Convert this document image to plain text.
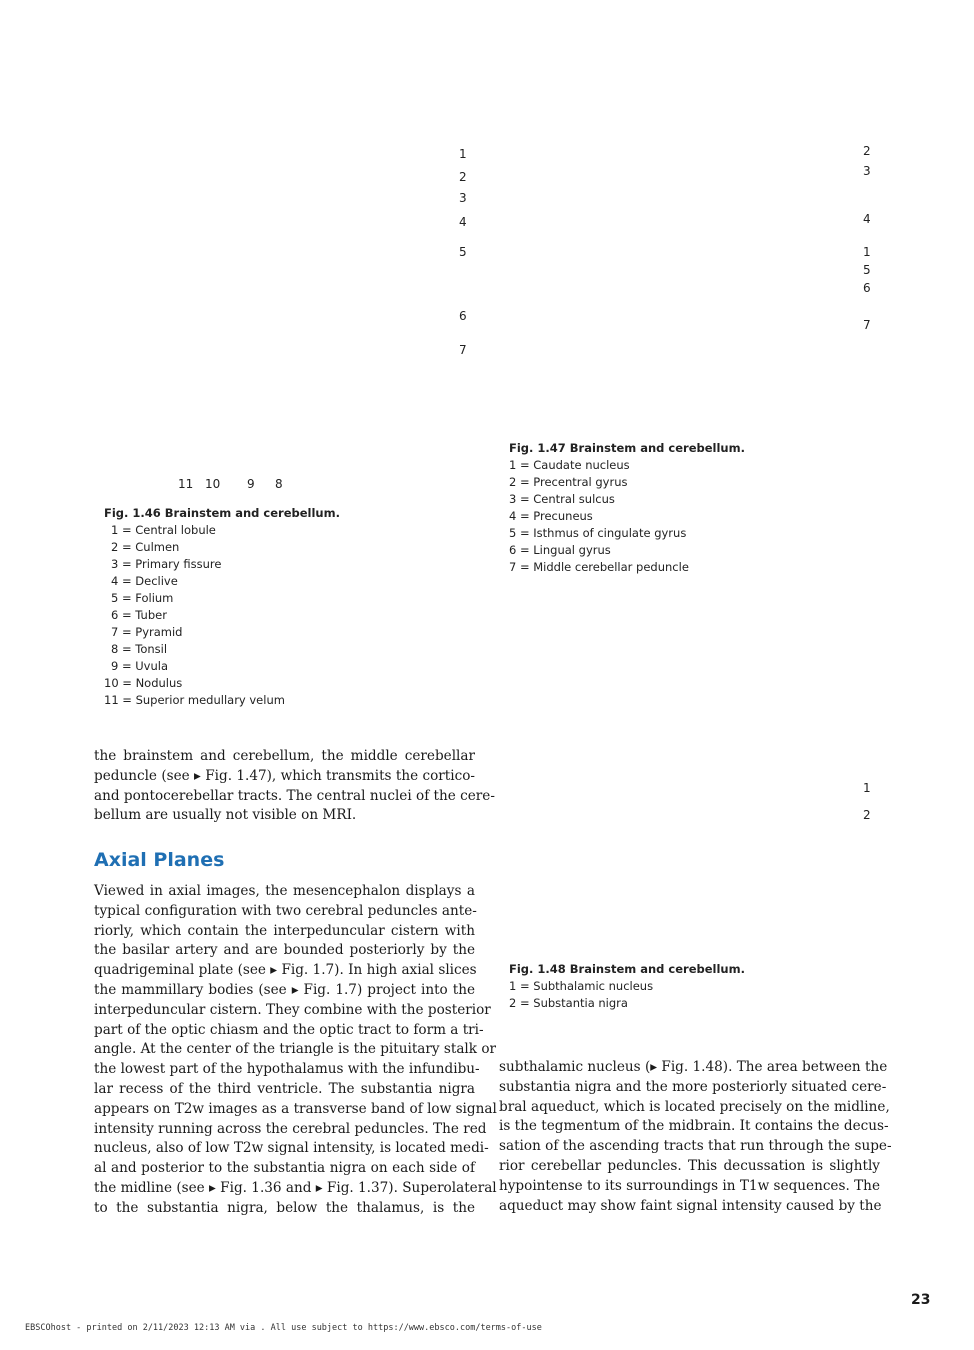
1
2
3
4
5
6
7
11 10 9 8
Fig. 1.46 Brainstem and cerebellum.
1 = Central lobule
2 = Culmen
3 = Primary fissure
4 = Declive
5 = Folium
6 = Tuber
7 = Pyramid
8 = Tonsil
9 = Uvula
10 = Nodulus
11 = Superior medullary velum
2
3
4
1
5
6
7
Fig. 1.47 Brainstem and cerebellum.
1 = Caudate nucleus
2 = Precentral gyrus
3 = Central sulcus
4 = Precuneus
5 = Isthmus of cingulate gyrus
6 = Lingual gyrus
7 = Middle cerebellar peduncle
1
2
Fig. 1.48 Brainstem and cerebellum.
1 = Subthalamic nucleus
2 = Substantia nigra
the brainstem and cerebellum, the middle cerebellar
peduncle (see ▸ Fig. 1.47), which transmits the cortico-
and pontocerebellar tracts. The central nuclei of the cere-
bellum are usually not visible on MRI.
Axial Planes
Viewed in axial images, the mesencephalon displays a
typical configuration with two cerebral peduncles ante-
riorly, which contain the interpeduncular cistern with
the basilar artery and are bounded posteriorly by the
quadrigeminal plate (see ▸ Fig. 1.7). In high axial slices
the mammillary bodies (see ▸ Fig. 1.7) project into the
interpeduncular cistern. They combine with the posterior
part of the optic chiasm and the optic tract to form a tri-
angle. At the center of the triangle is the pituitary stalk or
the lowest part of the hypothalamus with the infundibu-
lar recess of the third ventricle. The substantia nigra
appears on T2w images as a transverse band of low signal
intensity running across the cerebral peduncles. The red
nucleus, also of low T2w signal intensity, is located medi-
al and posterior to the substantia nigra on each side of
the midline (see ▸ Fig. 1.36 and ▸ Fig. 1.37). Superolateral
to the substantia nigra, below the thalamus, is the
subthalamic nucleus (▸ Fig. 1.48). The area between the
substantia nigra and the more posteriorly situated cere-
bral aqueduct, which is located precisely on the midline,
is the tegmentum of the midbrain. It contains the decus-
sation of the ascending tracts that run through the supe-
rior cerebellar peduncles. This decussation is slightly
hypointense to its surroundings in T1w sequences. The
aqueduct may show faint signal intensity caused by the
23
EBSCOhost - printed on 2/11/2023 12:13 AM via . All use subject to https://www.ebsco.com/terms-of-use
